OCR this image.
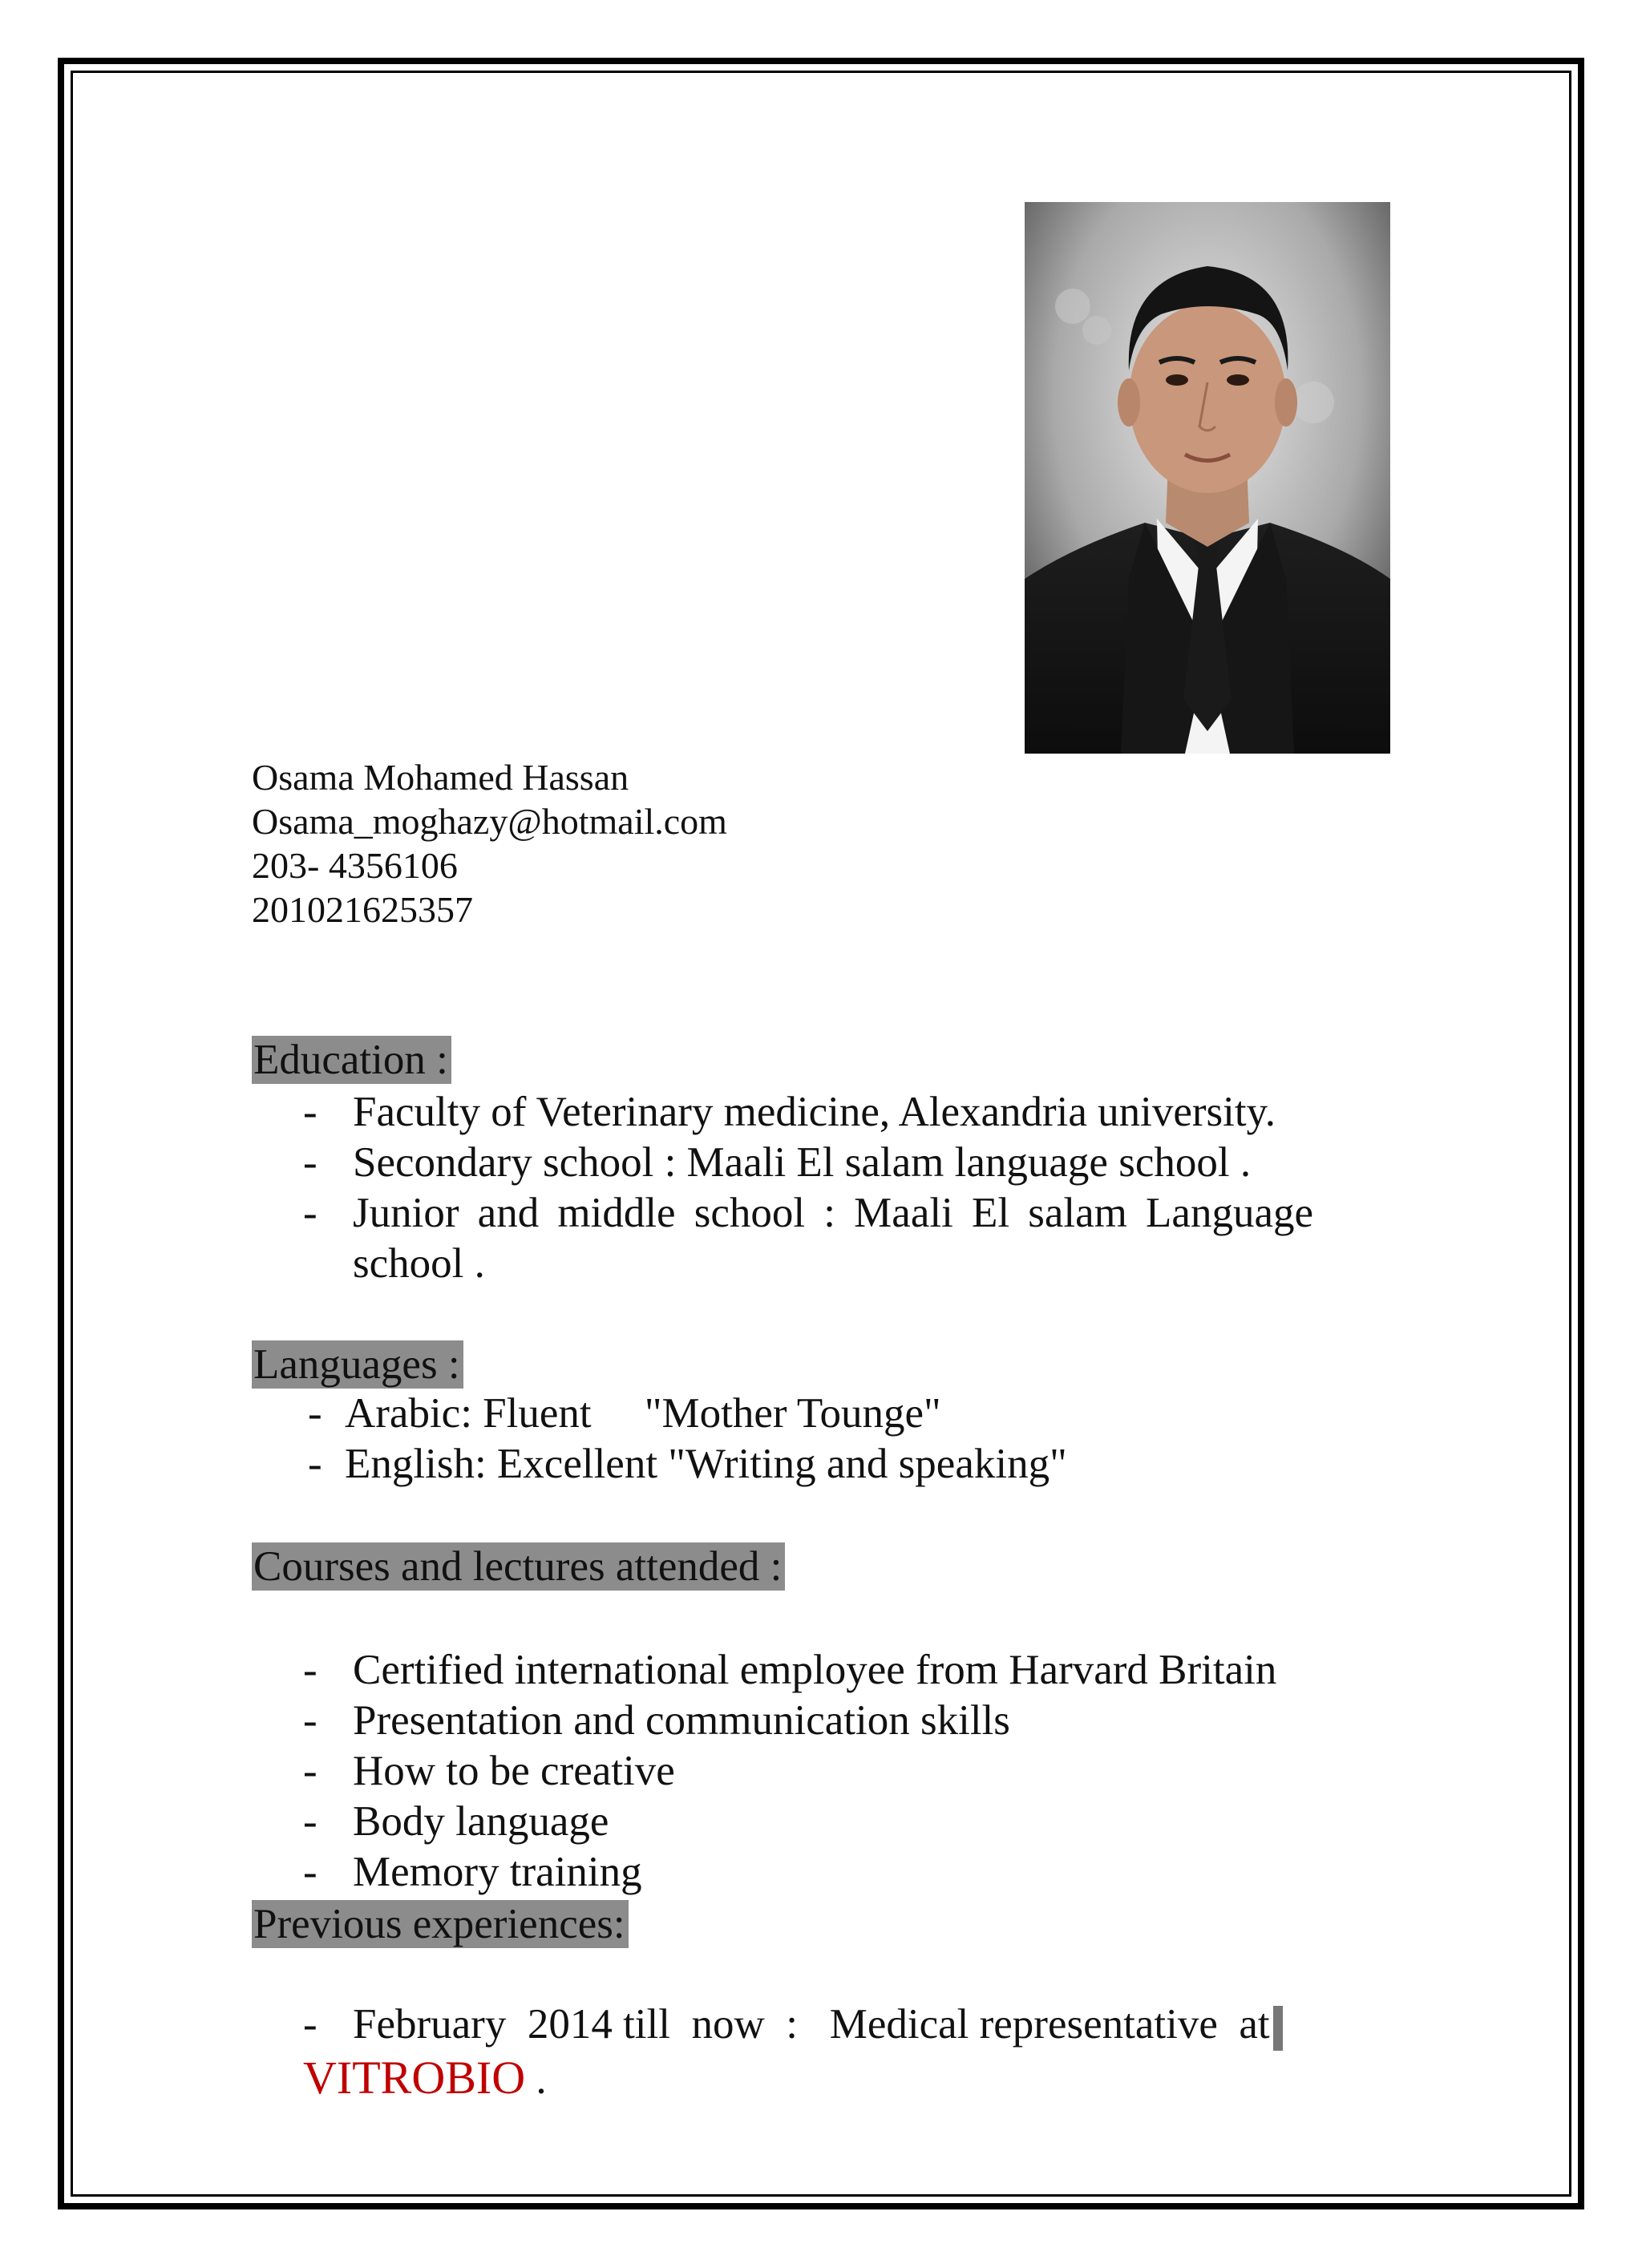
Osama Mohamed Hassan
Osama_moghazy@hotmail.com
203- 4356106
201021625357
Education :
- Faculty of Veterinary medicine, Alexandria university.
- Secondary school : Maali El salam language school .
- Junior and middle school : Maali El salam Language
school .
Languages :
- Arabic: Fluent     "Mother Tounge"
- English: Excellent "Writing and speaking"
Courses and lectures attended :
- Certified international employee from Harvard Britain
- Presentation and communication skills
- How to be creative
- Body language
- Memory training
Previous experiences:
- February  2014 till  now  :   Medical representative  at
VITROBIO .
